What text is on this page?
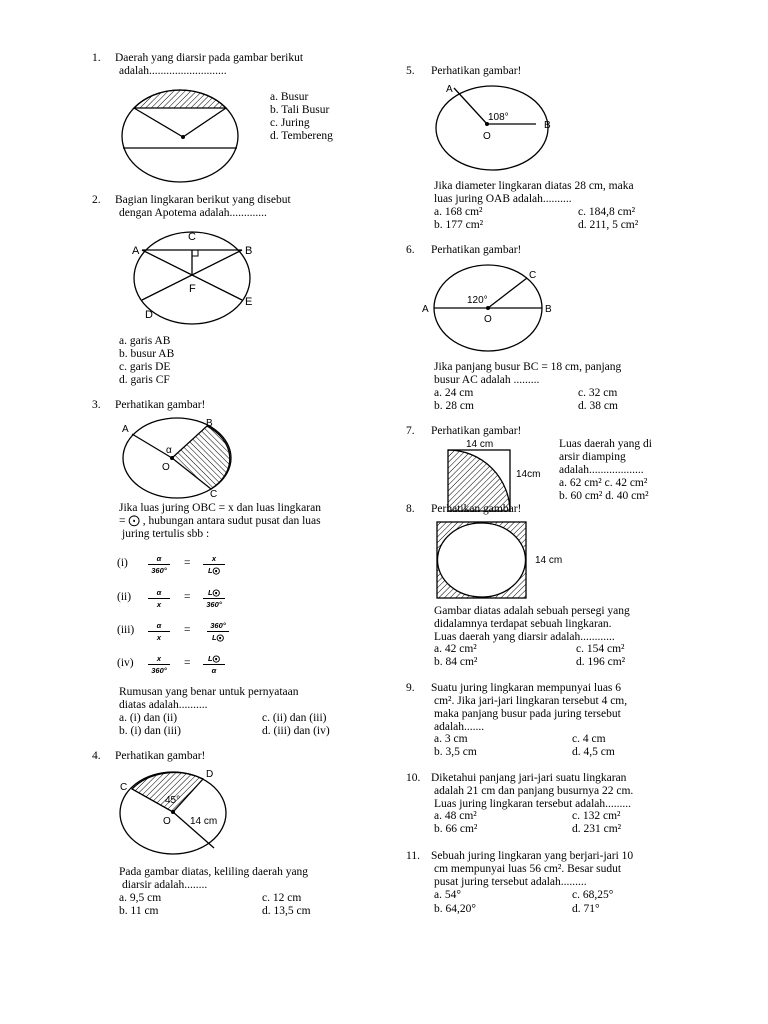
1. Daerah yang diarsir pada gambar berikut
adalah...........................
a. Busur
b. Tali Busur
c. Juring
d. Tembereng
2. Bagian lingkaran berikut yang disebut
dengan Apotema adalah.............
A	B
C
D
E
F
a. garis AB
b. busur AB
c. garis DE
d. garis CF
3. Perhatikan gambar!
A
B
C
O
α
Jika luas juring OBC = x dan luas lingkaran
= ⨀ , hubungan antara sudut pusat dan luas
juring tertulis sbb :
(i)	$\frac{\alpha}{360^\circ} = \frac{x}{L⨀}$
$(ii) \frac{\alpha}{x} = \frac{L⨀}{360^\circ}$
$(iii) \frac{\alpha}{x} = \frac{360^\circ}{L⨀}$
$(iv) \frac{x}{360^\circ} = \frac{L⨀}{\alpha}$
Rumusan yang benar untuk pernyataan
diatas adalah..........
a. (i) dan (ii)	c. (ii) dan (iii)
b. (i) dan (iii)	d. (iii) dan (iv)
4. Perhatikan gambar!
C
D
O
45°
14 cm
Pada gambar diatas, keliling daerah yang
diarsir adalah........
a. 9,5 cm	c. 12 cm
b. 11 cm	d. 13,5 cm
5. Perhatikan gambar!
A
B
O
108°
Jika diameter lingkaran diatas 28 cm, maka
luas juring OAB adalah..........
a. 168 cm²	c. 184,8 cm²
b. 177 cm²	d. 211, 5 cm²
6. Perhatikan gambar!
A	B
C
O
120°
Jika panjang busur BC = 18 cm, panjang
busur AC adalah .........
a. 24 cm	c. 32 cm
b. 28 cm	d. 38 cm
7. Perhatikan gambar!
14 cm
14cm
Luas daerah yang di
arsir diamping
adalah...................
a. 62 cm² c. 42 cm²
b. 60 cm² d. 40 cm²
8. Perhatikan gambar!
14 cm
Gambar diatas adalah sebuah persegi yang
didalamnya terdapat sebuah lingkaran.
Luas daerah yang diarsir adalah............
a. 42 cm²	c. 154 cm²
b. 84 cm²	d. 196 cm²
9. Suatu juring lingkaran mempunyai luas 6
cm². Jika jari-jari lingkaran tersebut 4 cm,
maka panjang busur pada juring tersebut
adalah.......
a. 3 cm	c. 4 cm
b. 3,5 cm	d. 4,5 cm
10. Diketahui panjang jari-jari suatu lingkaran
adalah 21 cm dan panjang busurnya 22 cm.
Luas juring lingkaran tersebut adalah.........
a. 48 cm²	c. 132 cm²
b. 66 cm²	d. 231 cm²
11. Sebuah juring lingkaran yang berjari-jari 10
cm mempunyai luas 56 cm². Besar sudut
pusat juring tersebut adalah.........
a. 54°	c. 68,25°
b. 64,20°	d. 71°
